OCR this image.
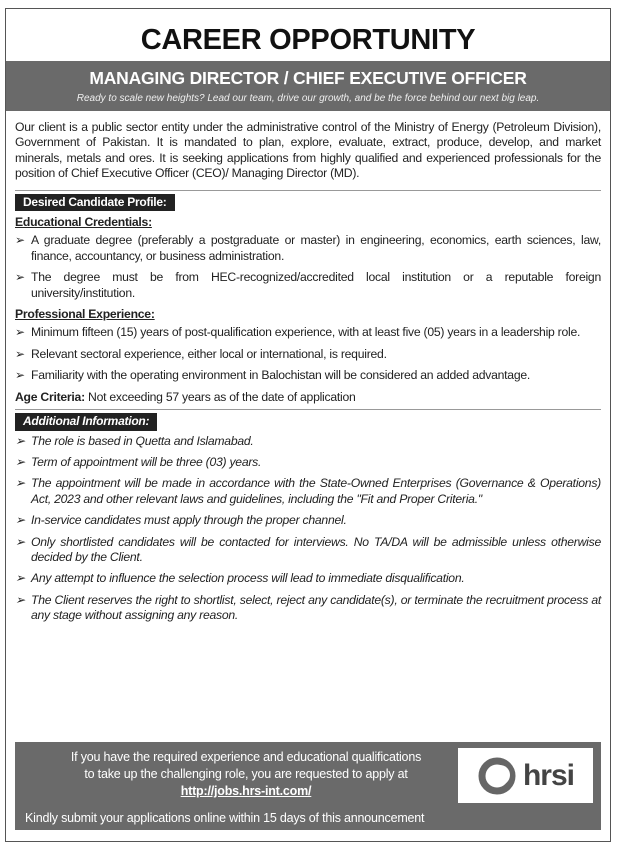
CAREER OPPORTUNITY
MANAGING DIRECTOR / CHIEF EXECUTIVE OFFICER
Ready to scale new heights? Lead our team, drive our growth, and be the force behind our next big leap.
Our client is a public sector entity under the administrative control of the Ministry of Energy (Petroleum Division), Government of Pakistan. It is mandated to plan, explore, evaluate, extract, produce, develop, and market minerals, metals and ores. It is seeking applications from highly qualified and experienced professionals for the position of Chief Executive Officer (CEO)/ Managing Director (MD).
Desired Candidate Profile:
Educational Credentials:
➢ A graduate degree (preferably a postgraduate or master) in engineering, economics, earth sciences, law, finance, accountancy, or business administration.
➢ The degree must be from HEC-recognized/accredited local institution or a reputable foreign university/institution.
Professional Experience:
➢ Minimum fifteen (15) years of post-qualification experience, with at least five (05) years in a leadership role.
➢ Relevant sectoral experience, either local or international, is required.
➢ Familiarity with the operating environment in Balochistan will be considered an added advantage.
Age Criteria: Not exceeding 57 years as of the date of application
Additional Information:
➢ The role is based in Quetta and Islamabad.
➢ Term of appointment will be three (03) years.
➢ The appointment will be made in accordance with the State-Owned Enterprises (Governance & Operations) Act, 2023 and other relevant laws and guidelines, including the "Fit and Proper Criteria."
➢ In-service candidates must apply through the proper channel.
➢ Only shortlisted candidates will be contacted for interviews. No TA/DA will be admissible unless otherwise decided by the Client.
➢ Any attempt to influence the selection process will lead to immediate disqualification.
➢ The Client reserves the right to shortlist, select, reject any candidate(s), or terminate the recruitment process at any stage without assigning any reason.
If you have the required experience and educational qualifications
to take up the challenging role, you are requested to apply at
http://jobs.hrs-int.com/
Kindly submit your applications online within 15 days of this announcement
hrsi
